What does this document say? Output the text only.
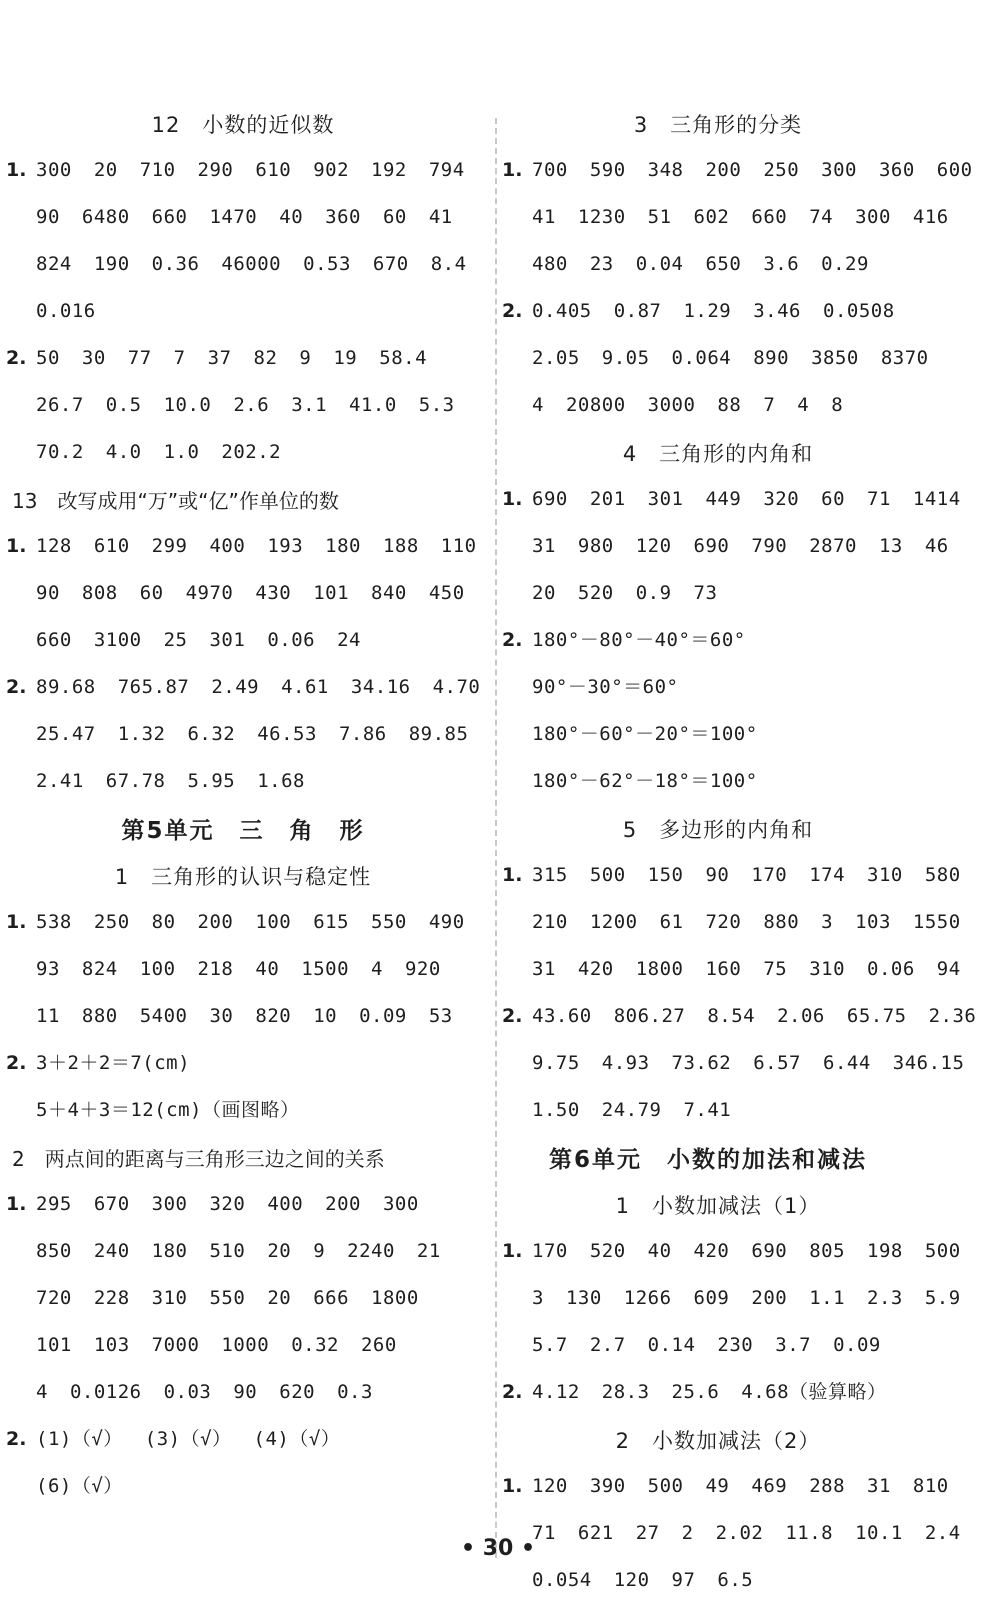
12　小数的近似数
1. 300 20 710 290 610 902 192 794
90 6480 660 1470 40 360 60 41
824 190 0.36 46000 0.53 670 8.4
0.016
2. 50 30 77 7 37 82 9 19 58.4
26.7 0.5 10.0 2.6 3.1 41.0 5.3
70.2 4.0 1.0 202.2
13　改写成用“万”或“亿”作单位的数
1. 128 610 299 400 193 180 188 110
90 808 60 4970 430 101 840 450
660 3100 25 301 0.06 24
2. 89.68 765.87 2.49 4.61 34.16 4.70
25.47 1.32 6.32 46.53 7.86 89.85
2.41 67.78 5.95 1.68
第5单元　三　角　形
1　三角形的认识与稳定性
1. 538 250 80 200 100 615 550 490
93 824 100 218 40 1500 4 920
11 880 5400 30 820 10 0.09 53
2. 3＋2＋2＝7(cm)
5＋4＋3＝12(cm)（画图略）
2　两点间的距离与三角形三边之间的关系
1. 295 670 300 320 400 200 300
850 240 180 510 20 9 2240 21
720 228 310 550 20 666 1800
101 103 7000 1000 0.32 260
4 0.0126 0.03 90 620 0.3
2. (1)（√） (3)（√） (4)（√）
(6)（√）
3　三角形的分类
1. 700 590 348 200 250 300 360 600
41 1230 51 602 660 74 300 416
480 23 0.04 650 3.6 0.29
2. 0.405 0.87 1.29 3.46 0.0508
2.05 9.05 0.064 890 3850 8370
4 20800 3000 88 7 4 8
4　三角形的内角和
1. 690 201 301 449 320 60 71 1414
31 980 120 690 790 2870 13 46
20 520 0.9 73
2. 180°－80°－40°＝60°
90°－30°＝60°
180°－60°－20°＝100°
180°－62°－18°＝100°
5　多边形的内角和
1. 315 500 150 90 170 174 310 580
210 1200 61 720 880 3 103 1550
31 420 1800 160 75 310 0.06 94
2. 43.60 806.27 8.54 2.06 65.75 2.36
9.75 4.93 73.62 6.57 6.44 346.15
1.50 24.79 7.41
第6单元　小数的加法和减法
1　小数加减法（1）
1. 170 520 40 420 690 805 198 500
3 130 1266 609 200 1.1 2.3 5.9
5.7 2.7 0.14 230 3.7 0.09
2. 4.12 28.3 25.6 4.68（验算略）
2　小数加减法（2）
1. 120 390 500 49 469 288 31 810
71 621 27 2 2.02 11.8 10.1 2.4
0.054 120 97 6.5
• 30 •
